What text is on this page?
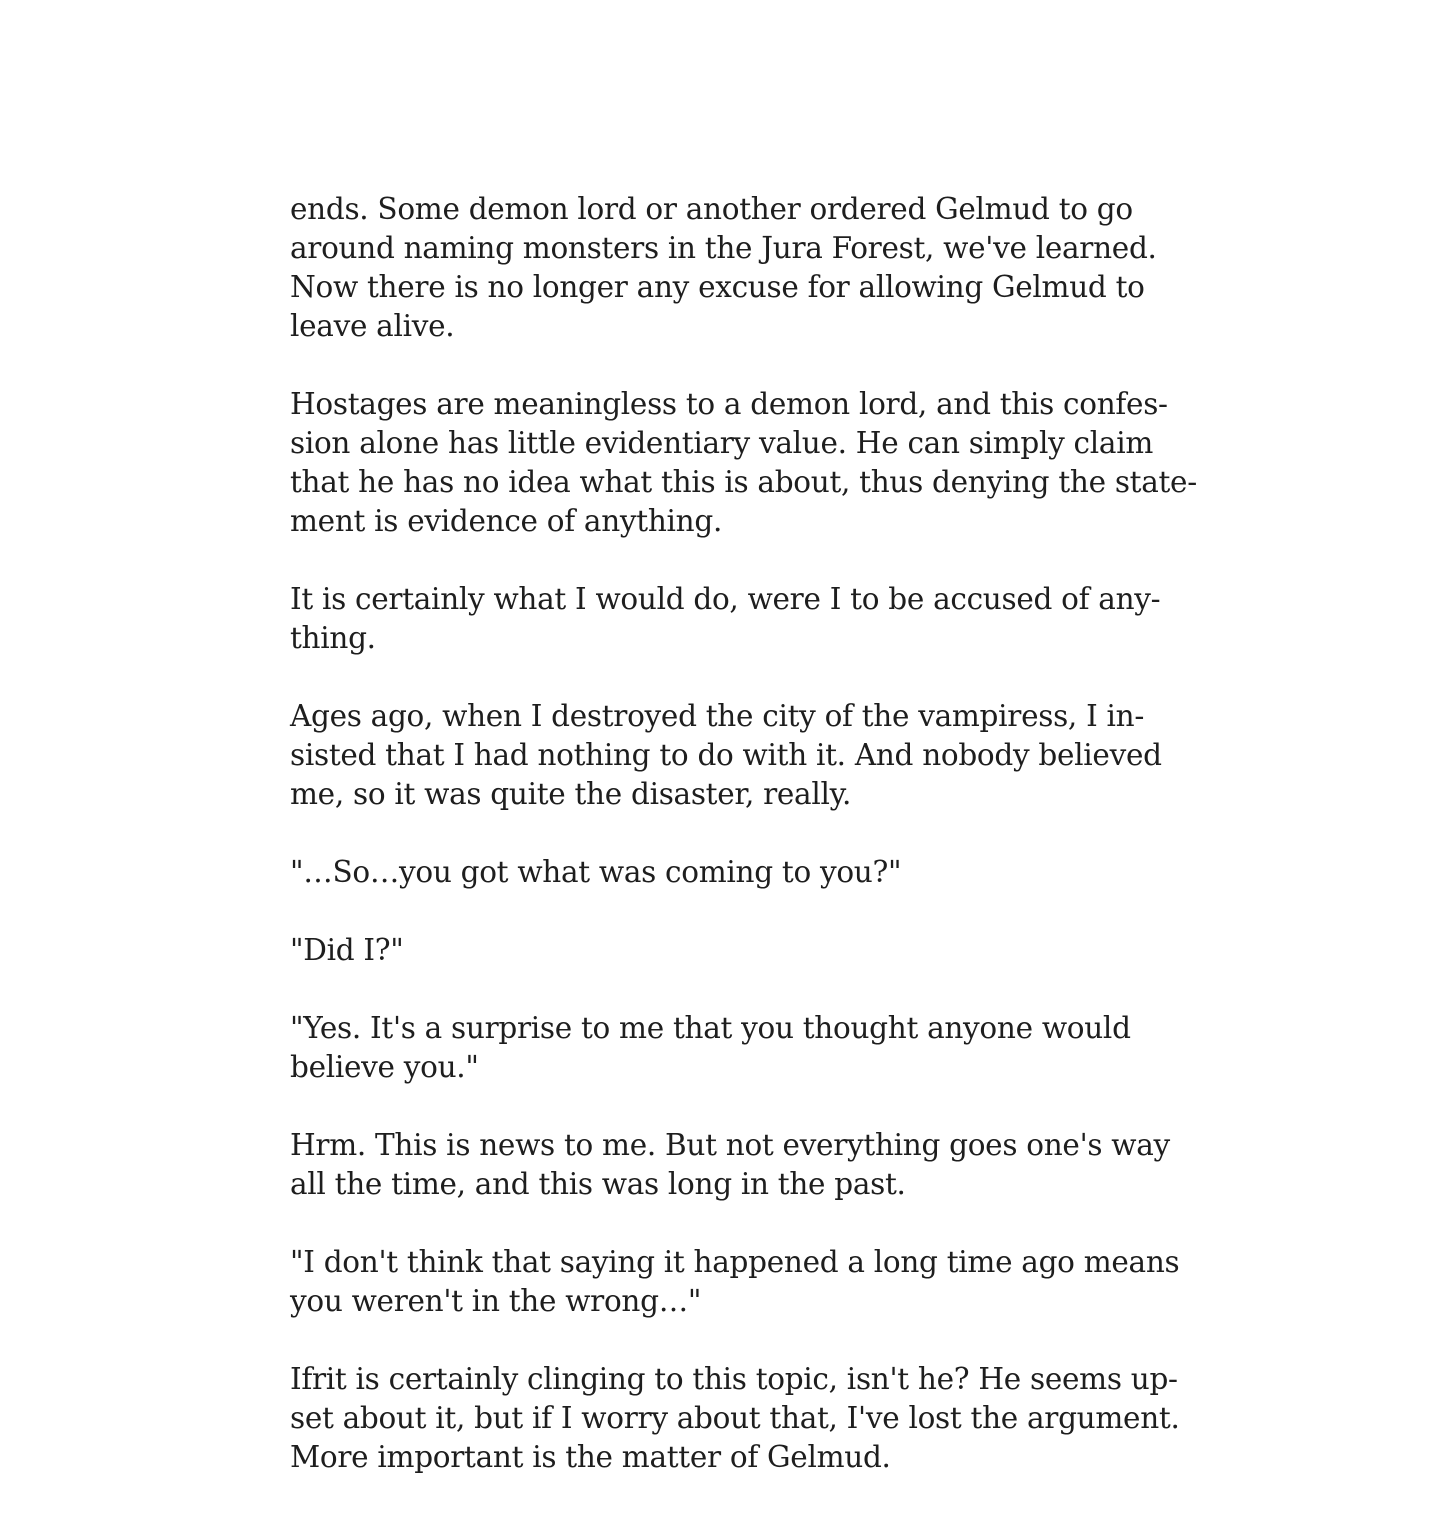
ends. Some demon lord or another ordered Gelmud to go
around naming monsters in the Jura Forest, we've learned.
Now there is no longer any excuse for allowing Gelmud to
leave alive.

Hostages are meaningless to a demon lord, and this confes-
sion alone has little evidentiary value. He can simply claim
that he has no idea what this is about, thus denying the state-
ment is evidence of anything.

It is certainly what I would do, were I to be accused of any-
thing.

Ages ago, when I destroyed the city of the vampiress, I in-
sisted that I had nothing to do with it. And nobody believed
me, so it was quite the disaster, really.

"…So…you got what was coming to you?"

"Did I?"

"Yes. It's a surprise to me that you thought anyone would
believe you."

Hrm. This is news to me. But not everything goes one's way
all the time, and this was long in the past.

"I don't think that saying it happened a long time ago means
you weren't in the wrong…"

Ifrit is certainly clinging to this topic, isn't he? He seems up-
set about it, but if I worry about that, I've lost the argument.
More important is the matter of Gelmud.
